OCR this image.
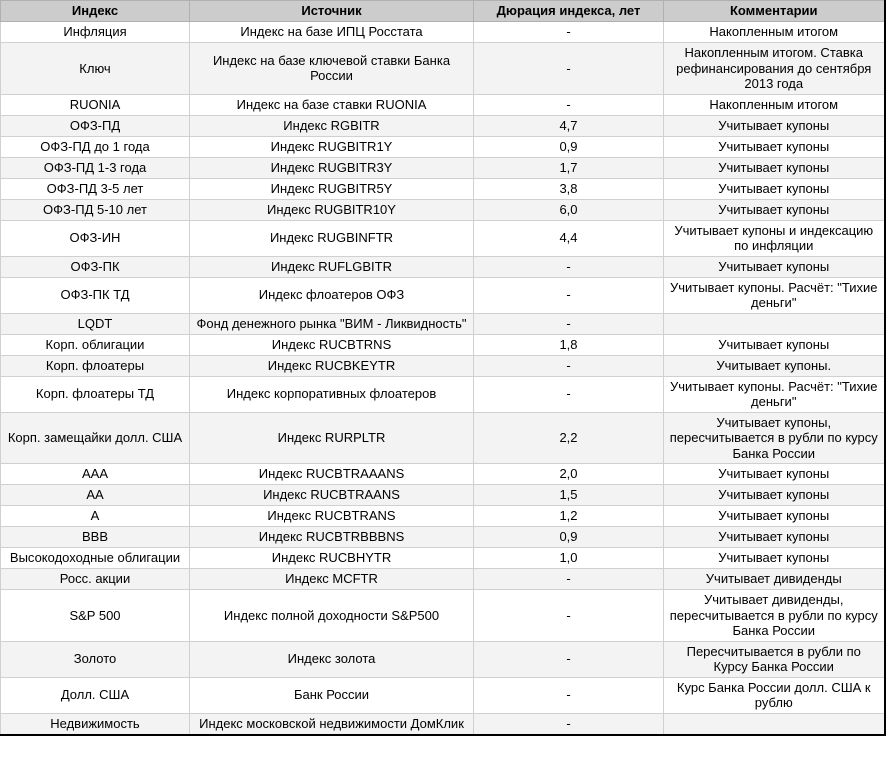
Индекс	Источник	Дюрация индекса, лет	Комментарии
Инфляция	Индекс на базе ИПЦ Росстата	-	Накопленным итогом
Ключ	Индекс на базе ключевой ставки Банка России	-	Накопленным итогом. Ставка рефинансирования до сентября 2013 года
RUONIA	Индекс на базе ставки RUONIA	-	Накопленным итогом
ОФЗ-ПД	Индекс RGBITR	4,7	Учитывает купоны
ОФЗ-ПД до 1 года	Индекс RUGBITR1Y	0,9	Учитывает купоны
ОФЗ-ПД 1-3 года	Индекс RUGBITR3Y	1,7	Учитывает купоны
ОФЗ-ПД 3-5 лет	Индекс RUGBITR5Y	3,8	Учитывает купоны
ОФЗ-ПД 5-10 лет	Индекс RUGBITR10Y	6,0	Учитывает купоны
ОФЗ-ИН	Индекс RUGBINFTR	4,4	Учитывает купоны и индексацию по инфляции
ОФЗ-ПК	Индекс RUFLGBITR	-	Учитывает купоны
ОФЗ-ПК ТД	Индекс флоатеров ОФЗ	-	Учитывает купоны. Расчёт: "Тихие деньги"
LQDT	Фонд денежного рынка "ВИМ - Ликвидность"	-	
Корп. облигации	Индекс RUCBTRNS	1,8	Учитывает купоны
Корп. флоатеры	Индекс RUCBKEYTR	-	Учитывает купоны.
Корп. флоатеры ТД	Индекс корпоративных флоатеров	-	Учитывает купоны. Расчёт: "Тихие деньги"
Корп. замещайки долл. США	Индекс RURPLTR	2,2	Учитывает купоны, пересчитывается в рубли по курсу Банка России
AAA	Индекс RUCBTRAAANS	2,0	Учитывает купоны
AA	Индекс RUCBTRAANS	1,5	Учитывает купоны
A	Индекс RUCBTRANS	1,2	Учитывает купоны
BBB	Индекс RUCBTRBBBNS	0,9	Учитывает купоны
Высокодоходные облигации	Индекс RUCBHYTR	1,0	Учитывает купоны
Росс. акции	Индекс MCFTR	-	Учитывает дивиденды
S&P 500	Индекс полной доходности S&P500	-	Учитывает дивиденды, пересчитывается в рубли по курсу Банка России
Золото	Индекс золота	-	Пересчитывается в рубли по Курсу Банка России
Долл. США	Банк России	-	Курс Банка России долл. США к рублю
Недвижимость	Индекс московской недвижимости ДомКлик	-	
